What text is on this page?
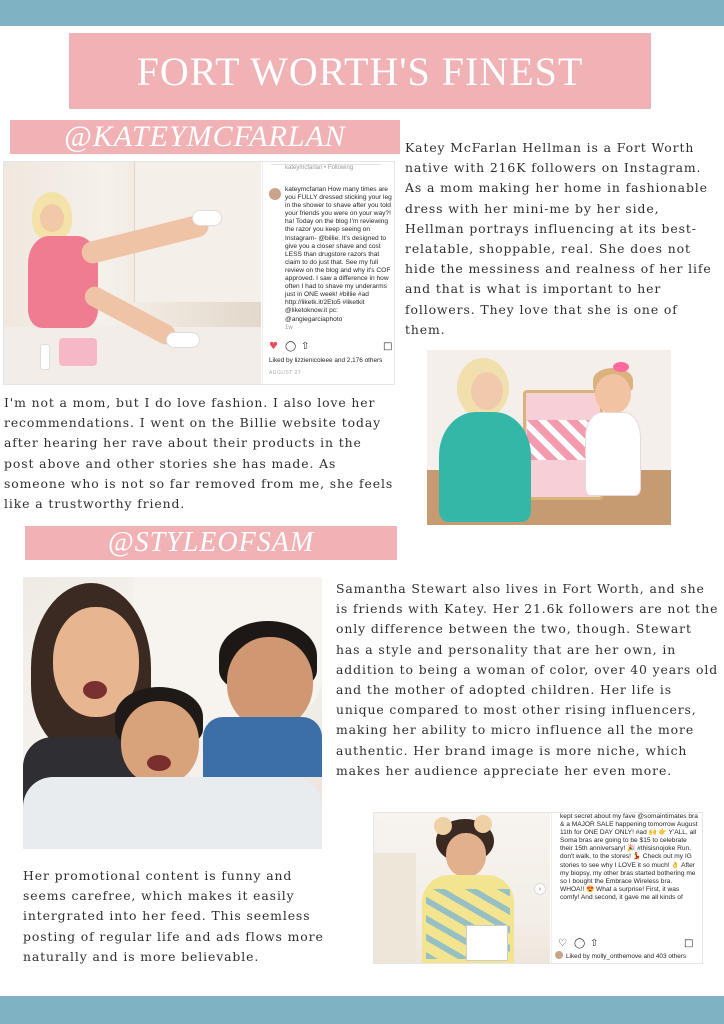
FORT WORTH'S FINEST
@KATEYMCFARLAN	Katey McFarlan Hellman is a Fort Worth native with 216K followers on Instagram. As a mom making her home in fashionable dress with her mini-me by her side, Hellman portrays influencing at its best-relatable, shoppable, real. She does not hide the messiness and realness of her life and that is what is important to her followers. They love that she is one of them.
kateymcfarlan • Following
kateymcfarlan How many times are you FULLY dressed sticking your leg in the shower to shave after you told your friends you were on your way?! ha! Today on the blog I'm reviewing the razor you keep seeing on Instagram- @billie. It's designed to give you a closer shave and cost LESS than drugstore razors that claim to do just that. See my full review on the blog and why it's COF approved. I saw a difference in how often I had to shave my underarms just in ONE week! #billie #ad http://liketk.it/2Eto5 #liketkit @liketoknow.it pc: @angiegarciaphoto
1w
♥ ◯ ⇧	□
Liked by lizzienicoleee and 2,176 others
AUGUST 27
I'm not a mom, but I do love fashion. I also love her recommendations. I went on the Billie website today after hearing her rave about their products in the post above and other stories she has made. As someone who is not so far removed from me, she feels like a trustworthy friend.
@STYLEOFSAM
Samantha Stewart also lives in Fort Worth, and she is friends with Katey. Her 21.6k followers are not the only difference between the two, though. Stewart has a style and personality that are her own, in addition to being a woman of color, over 40 years old and the mother of adopted children. Her life is unique compared to most other rising influencers, making her ability to micro influence all the more authentic. Her brand image is more niche, which makes her audience appreciate her even more.
Her promotional content is funny and seems carefree, which makes it easily intergrated into her feed. This seemless posting of regular life and ads flows more naturally and is more believable.
›
kept secret about my fave @somaintimates bra & a MAJOR SALE happening tomorrow August 11th for ONE DAY ONLY! #ad 🙌 👉 Y'ALL, all Soma bras are going to be $15 to celebrate their 15th anniversary! 🎉 #thisisnojoke Run, don't walk, to the stores! 💃 Check out my IG stories to see why I LOVE it so much! 👌 After my biopsy, my other bras started bothering me so I bought the Embrace Wireless bra. WHOA!! 😍 What a surprise! First, it was comfy! And second, it gave me all kinds of
♡ ◯ ⇧	□
Liked by molly_onthemove and 403 others
